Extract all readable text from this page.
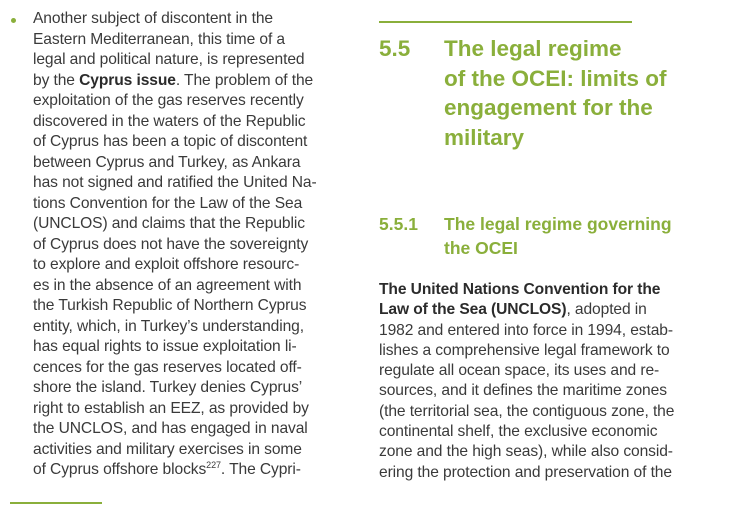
Another subject of discontent in the
Eastern Mediterranean, this time of a
legal and political nature, is represented
by the Cyprus issue. The problem of the
exploitation of the gas reserves recently
discovered in the waters of the Republic
of Cyprus has been a topic of discontent
between Cyprus and Turkey, as Ankara
has not signed and ratified the United Na-
tions Convention for the Law of the Sea
(UNCLOS) and claims that the Republic
of Cyprus does not have the sovereignty
to explore and exploit offshore resourc-
es in the absence of an agreement with
the Turkish Republic of Northern Cyprus
entity, which, in Turkey’s understanding,
has equal rights to issue exploitation li-
cences for the gas reserves located off-
shore the island. Turkey denies Cyprus’
right to establish an EEZ, as provided by
the UNCLOS, and has engaged in naval
activities and military exercises in some
of Cyprus offshore blocks$^{227}$. The Cypri-

5.5	The legal regime
of the OCEI: limits of
engagement for the
military
5.5.1	The legal regime governing
the OCEI

The United Nations Convention for the
Law of the Sea (UNCLOS), adopted in
1982 and entered into force in 1994, estab-
lishes a comprehensive legal framework to
regulate all ocean space, its uses and re-
sources, and it defines the maritime zones
(the territorial sea, the contiguous zone, the
continental shelf, the exclusive economic
zone and the high seas), while also consid-
ering the protection and preservation of the
